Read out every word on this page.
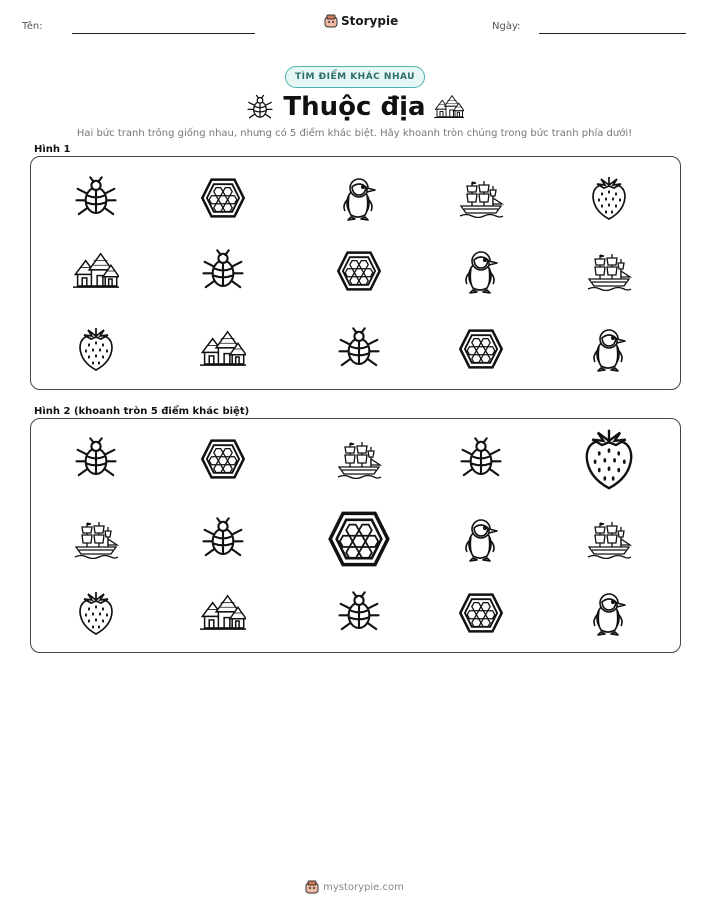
Tên:	Storypie	Ngày:
TÌM ĐIỂM KHÁC NHAU
Thuộc địa
Hai bức tranh trông giống nhau, nhưng có 5 điểm khác biệt. Hãy khoanh tròn chúng trong bức tranh phía dưới!
Hình 1
Hình 2 (khoanh tròn 5 điểm khác biệt)
mystorypie.com
